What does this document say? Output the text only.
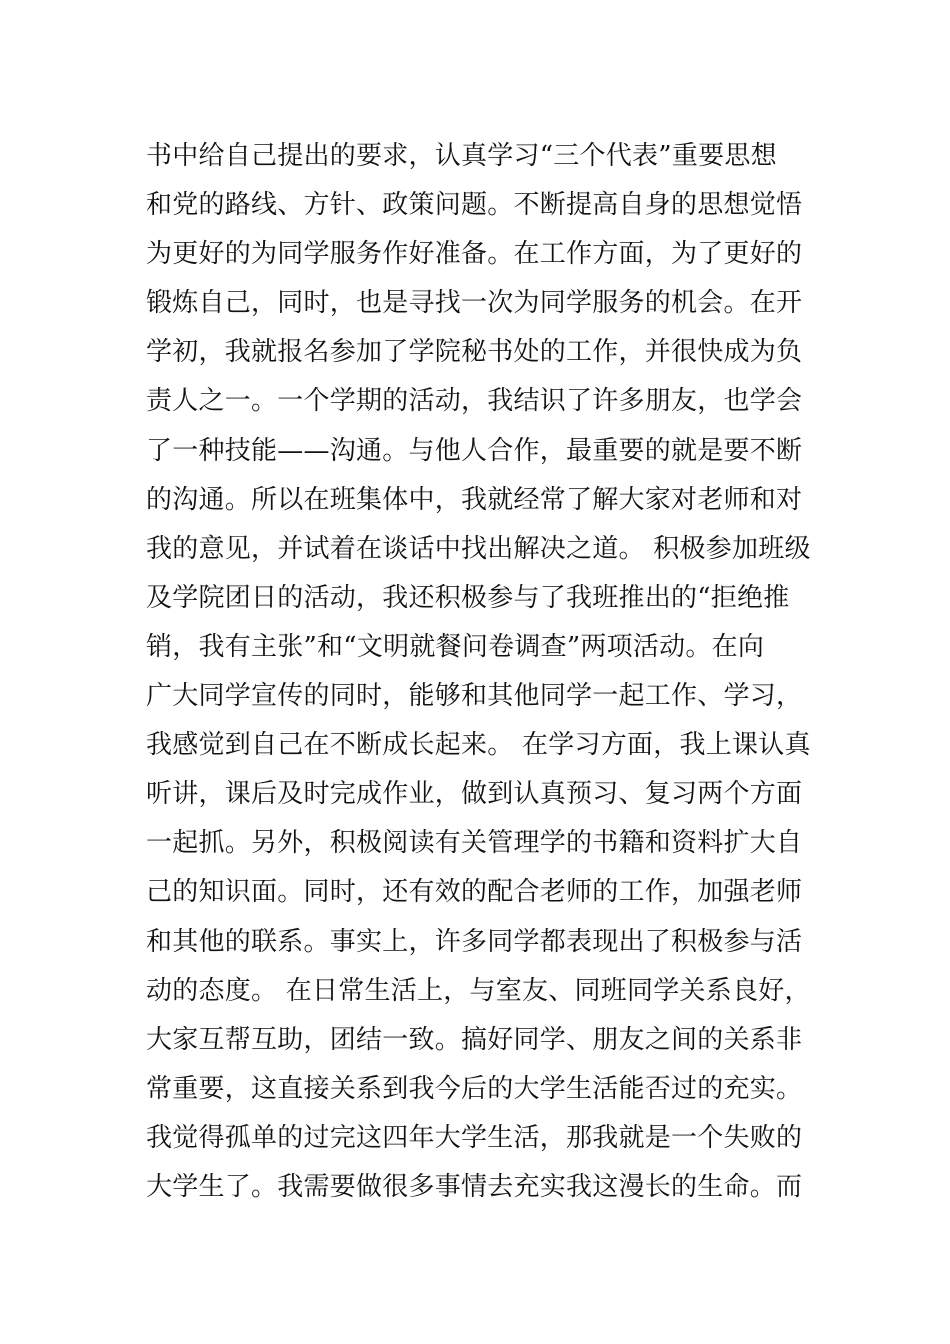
书中给自己提出的要求，认真学习“三个代表”重要思想
和党的路线、方针、政策问题。不断提高自身的思想觉悟
为更好的为同学服务作好准备。在工作方面，为了更好的
锻炼自己，同时，也是寻找一次为同学服务的机会。在开
学初，我就报名参加了学院秘书处的工作，并很快成为负
责人之一。一个学期的活动，我结识了许多朋友，也学会
了一种技能——沟通。与他人合作，最重要的就是要不断
的沟通。所以在班集体中，我就经常了解大家对老师和对
我的意见，并试着在谈话中找出解决之道。 积极参加班级
及学院团日的活动，我还积极参与了我班推出的“拒绝推
销，我有主张”和“文明就餐问卷调查”两项活动。在向
广大同学宣传的同时，能够和其他同学一起工作、学习，
我感觉到自己在不断成长起来。 在学习方面，我上课认真
听讲，课后及时完成作业，做到认真预习、复习两个方面
一起抓。另外，积极阅读有关管理学的书籍和资料扩大自
己的知识面。同时，还有效的配合老师的工作，加强老师
和其他的联系。事实上，许多同学都表现出了积极参与活
动的态度。 在日常生活上，与室友、同班同学关系良好，
大家互帮互助，团结一致。搞好同学、朋友之间的关系非
常重要，这直接关系到我今后的大学生活能否过的充实。
我觉得孤单的过完这四年大学生活，那我就是一个失败的
大学生了。我需要做很多事情去充实我这漫长的生命。而
